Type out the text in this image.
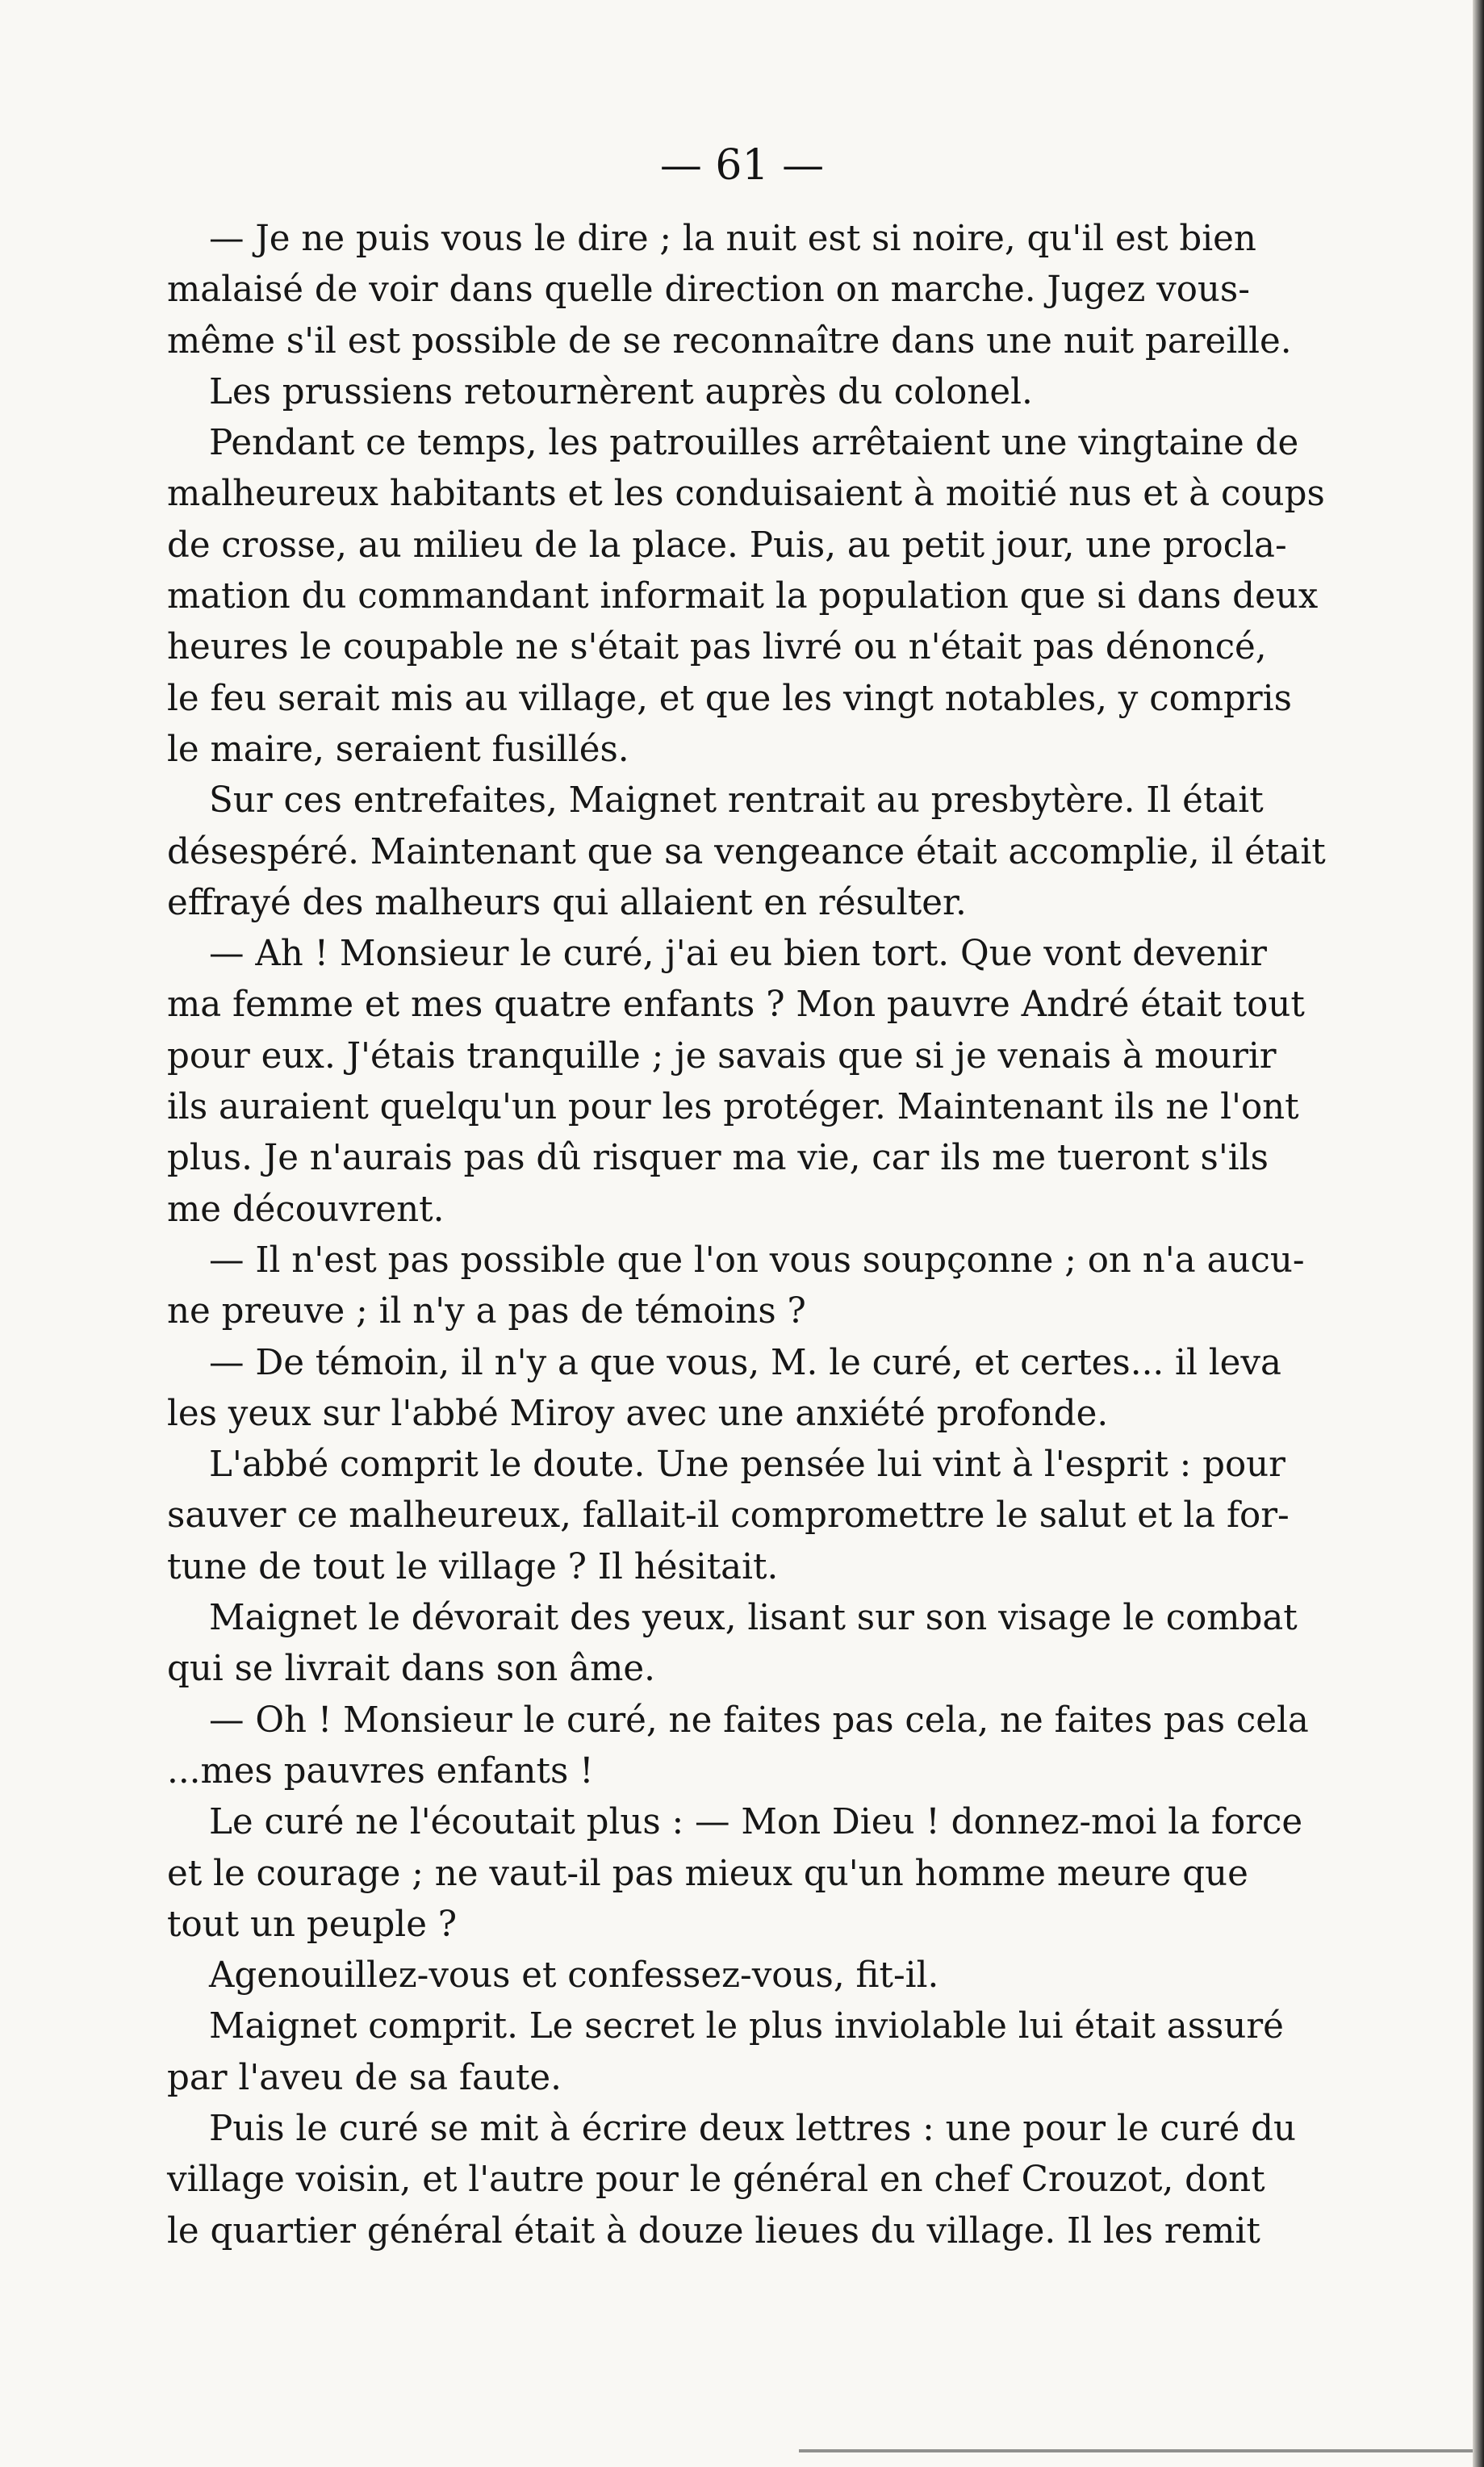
— 61 —
— Je ne puis vous le dire ; la nuit est si noire, qu'il est bien
malaisé de voir dans quelle direction on marche. Jugez vous-
même s'il est possible de se reconnaître dans une nuit pareille.
Les prussiens retournèrent auprès du colonel.
Pendant ce temps, les patrouilles arrêtaient une vingtaine de
malheureux habitants et les conduisaient à moitié nus et à coups
de crosse, au milieu de la place. Puis, au petit jour, une procla-
mation du commandant informait la population que si dans deux
heures le coupable ne s'était pas livré ou n'était pas dénoncé,
le feu serait mis au village, et que les vingt notables, y compris
le maire, seraient fusillés.
Sur ces entrefaites, Maignet rentrait au presbytère. Il était
désespéré. Maintenant que sa vengeance était accomplie, il était
effrayé des malheurs qui allaient en résulter.
— Ah ! Monsieur le curé, j'ai eu bien tort. Que vont devenir
ma femme et mes quatre enfants ? Mon pauvre André était tout
pour eux. J'étais tranquille ; je savais que si je venais à mourir
ils auraient quelqu'un pour les protéger. Maintenant ils ne l'ont
plus. Je n'aurais pas dû risquer ma vie, car ils me tueront s'ils
me découvrent.
— Il n'est pas possible que l'on vous soupçonne ; on n'a aucu-
ne preuve ; il n'y a pas de témoins ?
— De témoin, il n'y a que vous, M. le curé, et certes... il leva
les yeux sur l'abbé Miroy avec une anxiété profonde.
L'abbé comprit le doute. Une pensée lui vint à l'esprit : pour
sauver ce malheureux, fallait-il compromettre le salut et la for-
tune de tout le village ? Il hésitait.
Maignet le dévorait des yeux, lisant sur son visage le combat
qui se livrait dans son âme.
— Oh ! Monsieur le curé, ne faites pas cela, ne faites pas cela
...mes pauvres enfants !
Le curé ne l'écoutait plus : — Mon Dieu ! donnez-moi la force
et le courage ; ne vaut-il pas mieux qu'un homme meure que
tout un peuple ?
Agenouillez-vous et confessez-vous, fit-il.
Maignet comprit. Le secret le plus inviolable lui était assuré
par l'aveu de sa faute.
Puis le curé se mit à écrire deux lettres : une pour le curé du
village voisin, et l'autre pour le général en chef Crouzot, dont
le quartier général était à douze lieues du village. Il les remit
